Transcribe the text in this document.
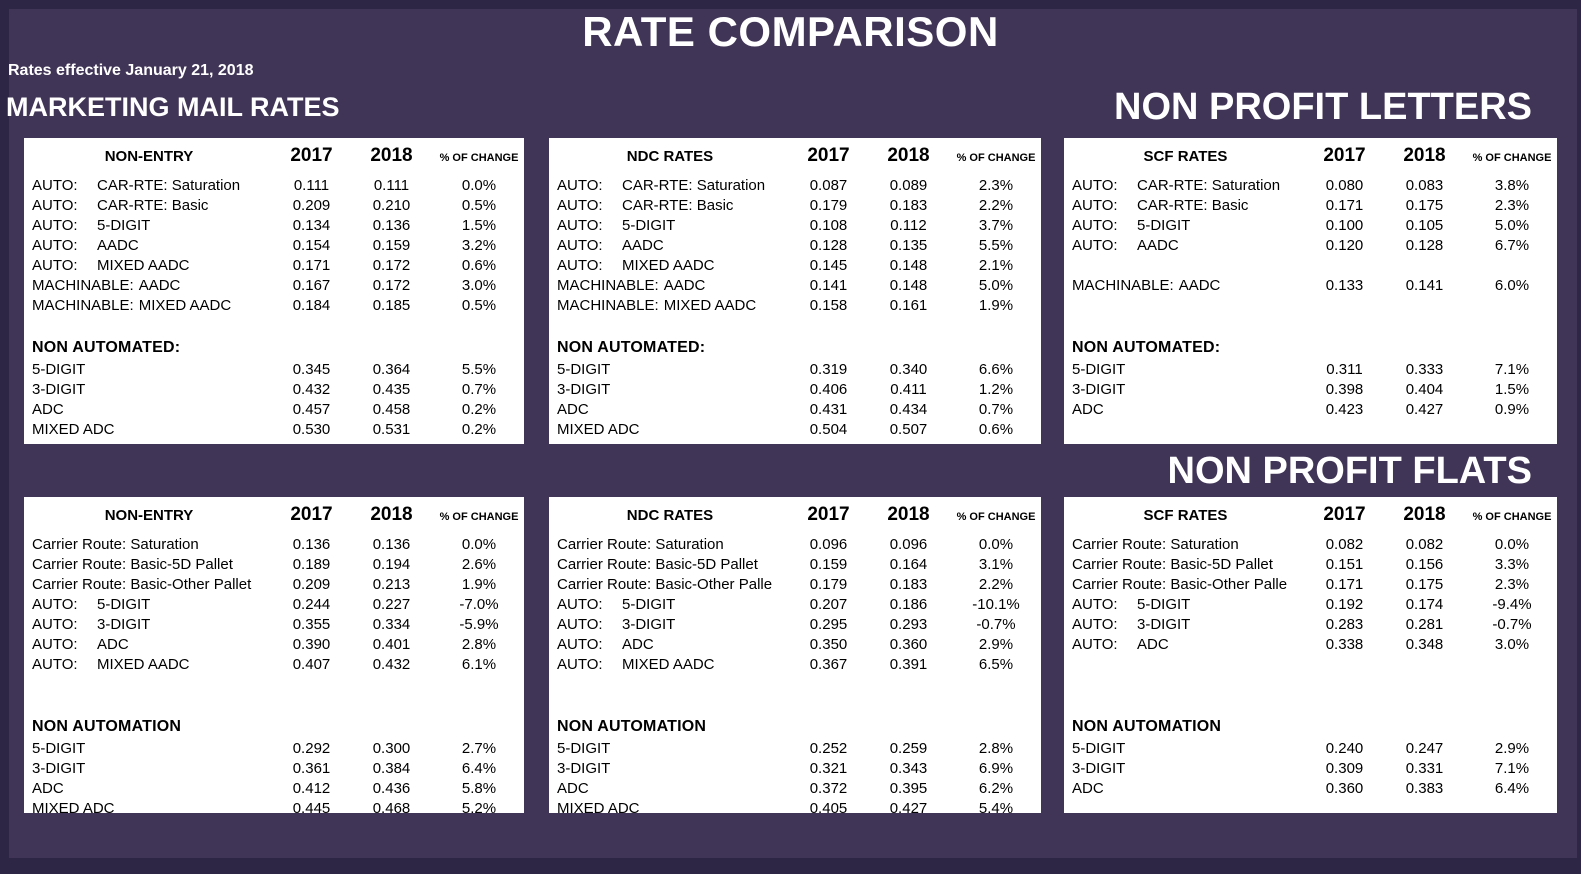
RATE COMPARISON
Rates effective January 21, 2018
MARKETING MAIL RATES	NON PROFIT LETTERS
NON PROFIT FLATS
NON-ENTRY	2017	2018	% OF CHANGE
AUTO:	CAR-RTE: Saturation	0.111	0.111	0.0%
AUTO:	CAR-RTE: Basic	0.209	0.210	0.5%
AUTO:	5-DIGIT	0.134	0.136	1.5%
AUTO:	AADC	0.154	0.159	3.2%
AUTO:	MIXED AADC	0.171	0.172	0.6%
MACHINABLE: AADC	0.167	0.172	3.0%
MACHINABLE: MIXED AADC	0.184	0.185	0.5%
NON AUTOMATED:
5-DIGIT	0.345	0.364	5.5%
3-DIGIT	0.432	0.435	0.7%
ADC	0.457	0.458	0.2%
MIXED ADC	0.530	0.531	0.2%
NDC RATES	2017	2018	% OF CHANGE
AUTO:	CAR-RTE: Saturation	0.087	0.089	2.3%
AUTO:	CAR-RTE: Basic	0.179	0.183	2.2%
AUTO:	5-DIGIT	0.108	0.112	3.7%
AUTO:	AADC	0.128	0.135	5.5%
AUTO:	MIXED AADC	0.145	0.148	2.1%
MACHINABLE: AADC	0.141	0.148	5.0%
MACHINABLE: MIXED AADC	0.158	0.161	1.9%
NON AUTOMATED:
5-DIGIT	0.319	0.340	6.6%
3-DIGIT	0.406	0.411	1.2%
ADC	0.431	0.434	0.7%
MIXED ADC	0.504	0.507	0.6%
SCF RATES	2017	2018	% OF CHANGE
AUTO:	CAR-RTE: Saturation	0.080	0.083	3.8%
AUTO:	CAR-RTE: Basic	0.171	0.175	2.3%
AUTO:	5-DIGIT	0.100	0.105	5.0%
AUTO:	AADC	0.120	0.128	6.7%
MACHINABLE: AADC	0.133	0.141	6.0%
NON AUTOMATED:
5-DIGIT	0.311	0.333	7.1%
3-DIGIT	0.398	0.404	1.5%
ADC	0.423	0.427	0.9%
NON-ENTRY	2017	2018	% OF CHANGE
Carrier Route: Saturation	0.136	0.136	0.0%
Carrier Route: Basic-5D Pallet	0.189	0.194	2.6%
Carrier Route: Basic-Other Pallet	0.209	0.213	1.9%
AUTO:	5-DIGIT	0.244	0.227	-7.0%
AUTO:	3-DIGIT	0.355	0.334	-5.9%
AUTO:	ADC	0.390	0.401	2.8%
AUTO:	MIXED AADC	0.407	0.432	6.1%
NON AUTOMATION
5-DIGIT	0.292	0.300	2.7%
3-DIGIT	0.361	0.384	6.4%
ADC	0.412	0.436	5.8%
MIXED ADC	0.445	0.468	5.2%
NDC RATES	2017	2018	% OF CHANGE
Carrier Route: Saturation	0.096	0.096	0.0%
Carrier Route: Basic-5D Pallet	0.159	0.164	3.1%
Carrier Route: Basic-Other Palle	0.179	0.183	2.2%
AUTO:	5-DIGIT	0.207	0.186	-10.1%
AUTO:	3-DIGIT	0.295	0.293	-0.7%
AUTO:	ADC	0.350	0.360	2.9%
AUTO:	MIXED AADC	0.367	0.391	6.5%
NON AUTOMATION
5-DIGIT	0.252	0.259	2.8%
3-DIGIT	0.321	0.343	6.9%
ADC	0.372	0.395	6.2%
MIXED ADC	0.405	0.427	5.4%
SCF RATES	2017	2018	% OF CHANGE
Carrier Route: Saturation	0.082	0.082	0.0%
Carrier Route: Basic-5D Pallet	0.151	0.156	3.3%
Carrier Route: Basic-Other Palle	0.171	0.175	2.3%
AUTO:	5-DIGIT	0.192	0.174	-9.4%
AUTO:	3-DIGIT	0.283	0.281	-0.7%
AUTO:	ADC	0.338	0.348	3.0%
NON AUTOMATION
5-DIGIT	0.240	0.247	2.9%
3-DIGIT	0.309	0.331	7.1%
ADC	0.360	0.383	6.4%
